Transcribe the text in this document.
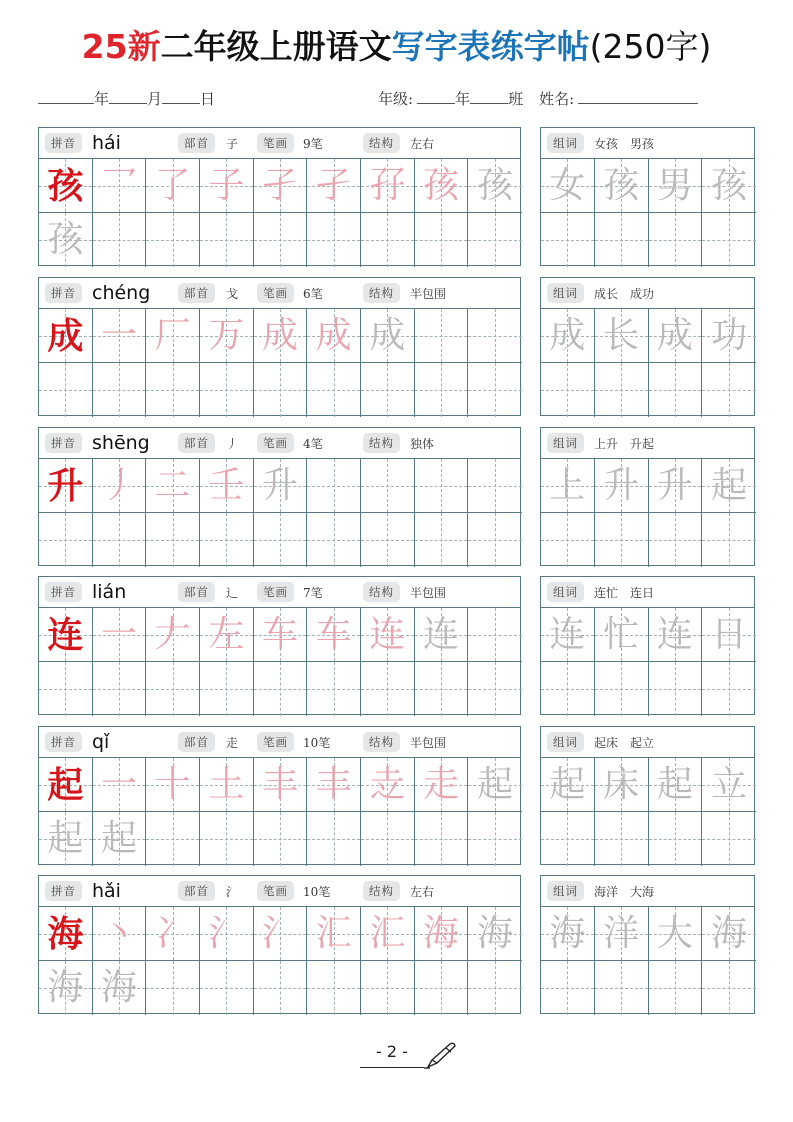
25新二年级上册语文写字表练字帖(250字)
年	月	日	年级:	年	班 姓名:
拼音 hái	部首	子	笔画	9笔	结构	左右
孩 乛 了 子 孑 孑 孖 孩 孩
孩
组词	女孩　男孩
女 孩 男 孩
拼音 chéng	部首	戈	笔画	6笔	结构	半包围
成 一 厂 万 成 成 成
组词	成长　成功
成 长 成 功
拼音 shēng	部首	丿	笔画	4笔	结构	独体
升 丿 二 壬 升
组词	上升　升起
上 升 升 起
拼音 lián	部首	辶	笔画	7笔	结构	半包围
连 一 𠂇 左 车 车 连 连
组词	连忙　连日
连 忙 连 日
拼音 qǐ	部首	走	笔画	10笔	结构	半包围
起 一 十 土 丰 丰 赱 走 起
起 起
组词	起床　起立
起 床 起 立
拼音 hǎi	部首	氵	笔画	10笔	结构	左右
海 丶 冫 氵 氵 汇 汇 海 海
海 海
组词	海洋　大海
海 洋 大 海
- 2 -
